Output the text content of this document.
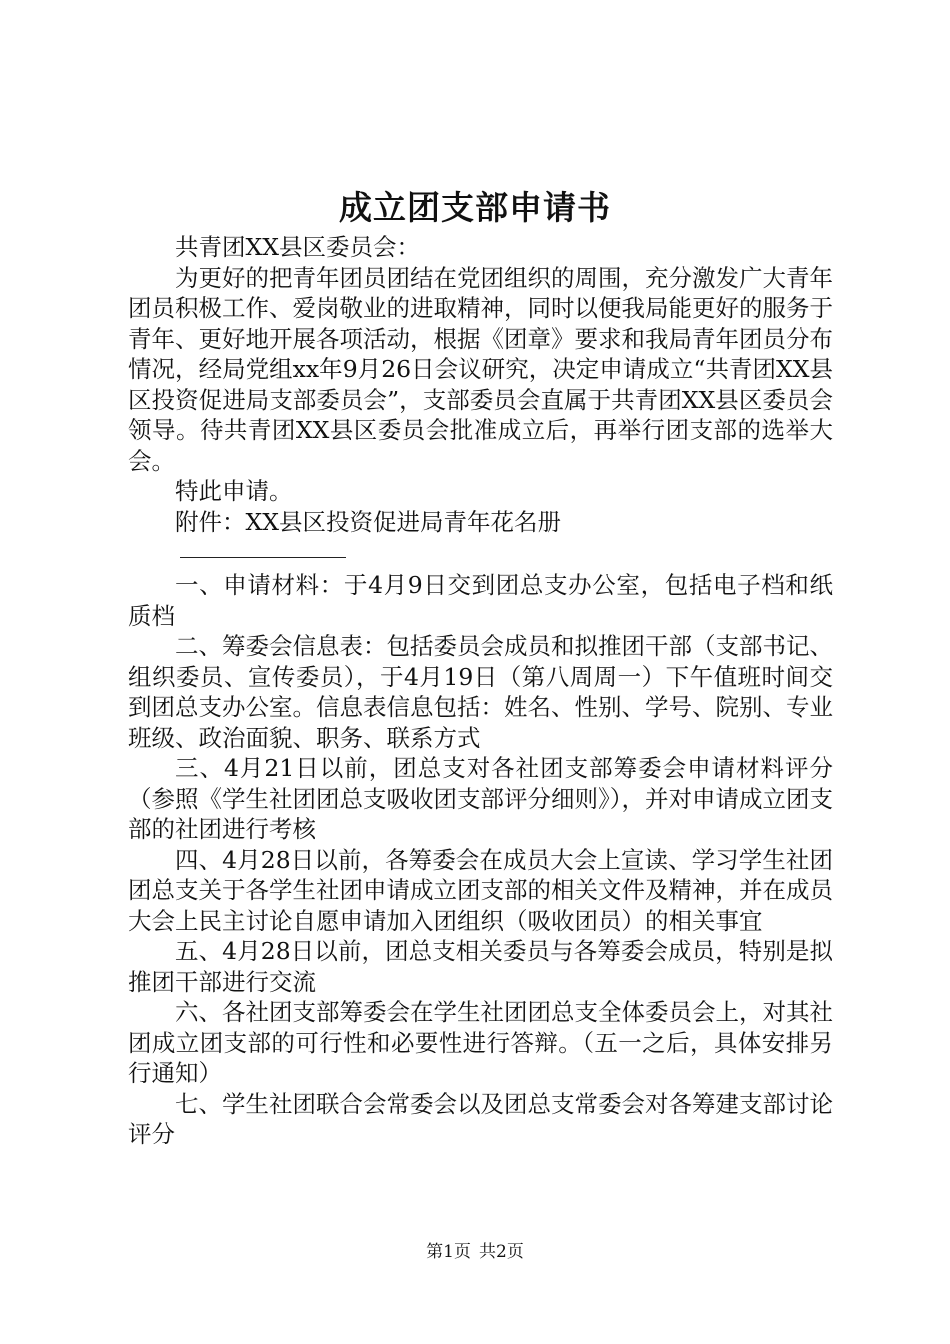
成立团支部申请书

共青团XX县区委员会：

为更好的把青年团员团结在党团组织的周围，充分激发广大青年团员积极工作、爱岗敬业的进取精神，同时以便我局能更好的服务于青年、更好地开展各项活动，根据《团章》要求和我局青年团员分布情况，经局党组xx年9月26日会议研究，决定申请成立“共青团XX县区投资促进局支部委员会”，支部委员会直属于共青团XX县区委员会领导。待共青团XX县区委员会批准成立后，再举行团支部的选举大会。

特此申请。

附件：XX县区投资促进局青年花名册

一、申请材料：于4月9日交到团总支办公室，包括电子档和纸质档

二、筹委会信息表：包括委员会成员和拟推团干部（支部书记、组织委员、宣传委员），于4月19日（第八周周一）下午值班时间交到团总支办公室。信息表信息包括：姓名、性别、学号、院别、专业班级、政治面貌、职务、联系方式

三、4月21日以前，团总支对各社团支部筹委会申请材料评分（参照《学生社团团总支吸收团支部评分细则》），并对申请成立团支部的社团进行考核

四、4月28日以前，各筹委会在成员大会上宣读、学习学生社团团总支关于各学生社团申请成立团支部的相关文件及精神，并在成员大会上民主讨论自愿申请加入团组织（吸收团员）的相关事宜

五、4月28日以前，团总支相关委员与各筹委会成员，特别是拟推团干部进行交流

六、各社团支部筹委会在学生社团团总支全体委员会上，对其社团成立团支部的可行性和必要性进行答辩。（五一之后，具体安排另行通知）

七、学生社团联合会常委会以及团总支常委会对各筹建支部讨论评分

第1页 共2页
